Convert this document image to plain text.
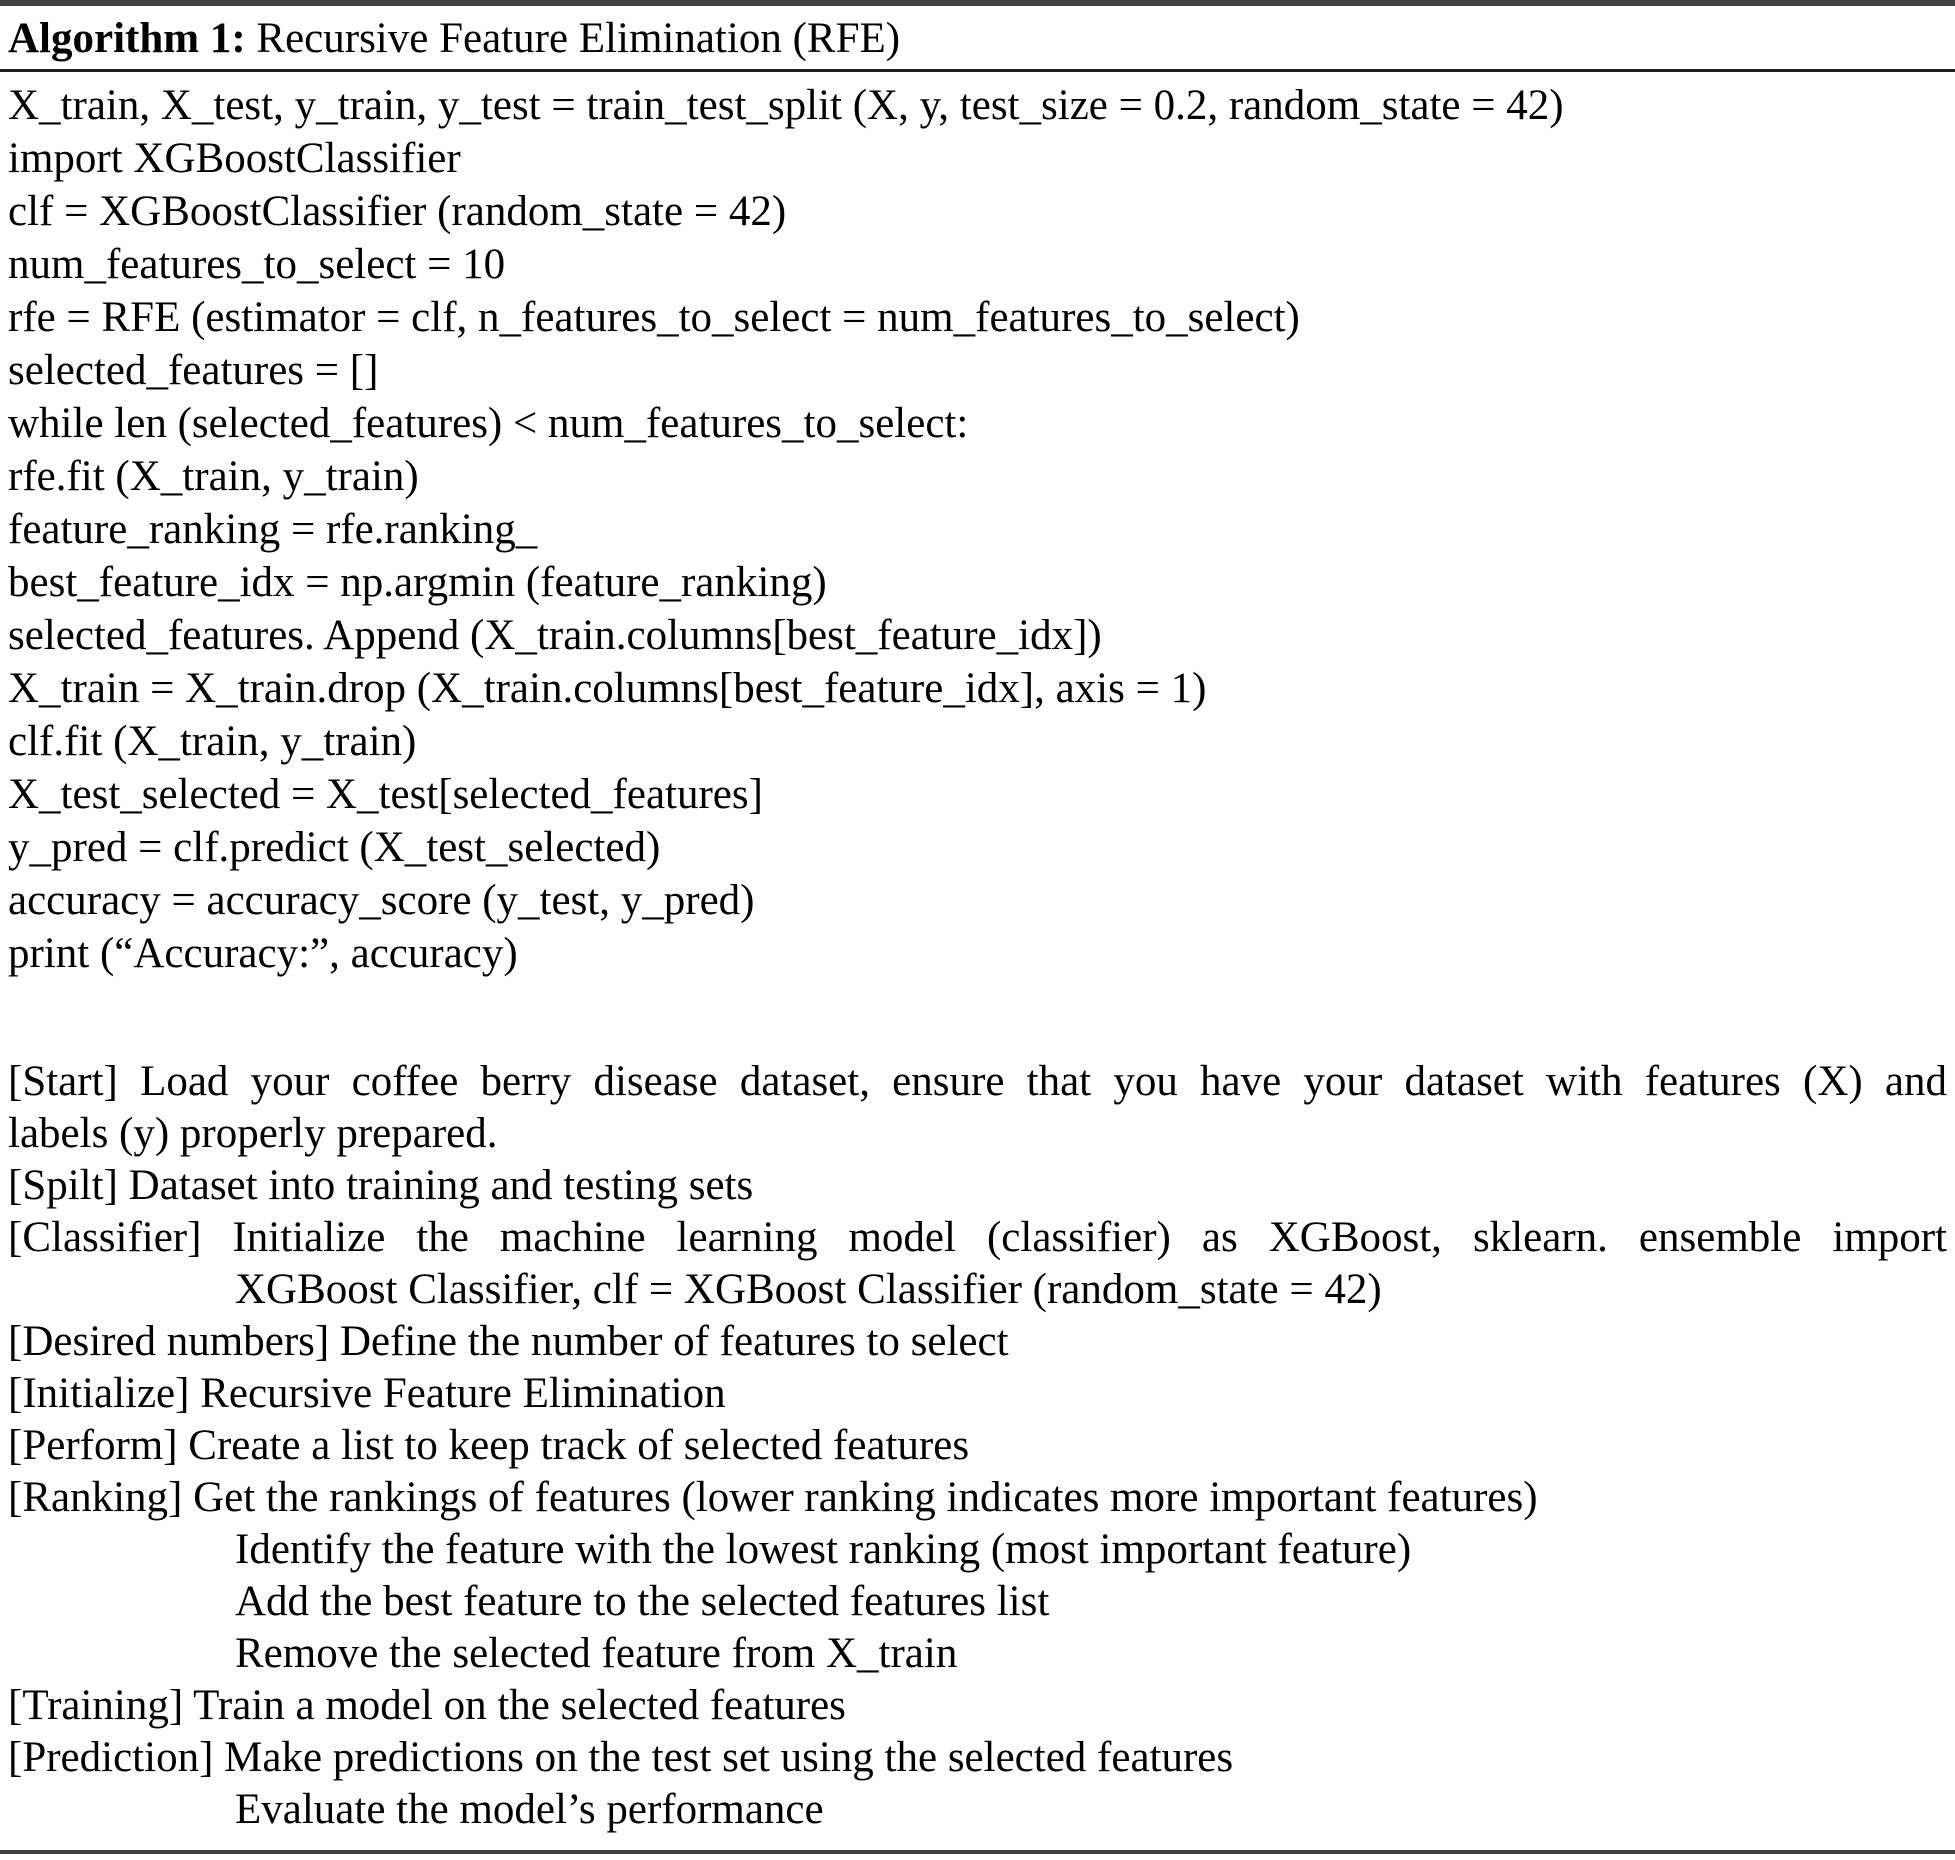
Algorithm 1: Recursive Feature Elimination (RFE)
X_train, X_test, y_train, y_test = train_test_split (X, y, test_size = 0.2, random_state = 42)
import XGBoostClassifier
clf = XGBoostClassifier (random_state = 42)
num_features_to_select = 10
rfe = RFE (estimator = clf, n_features_to_select = num_features_to_select)
selected_features = []
while len (selected_features) < num_features_to_select:
rfe.fit (X_train, y_train)
feature_ranking = rfe.ranking_
best_feature_idx = np.argmin (feature_ranking)
selected_features. Append (X_train.columns[best_feature_idx])
X_train = X_train.drop (X_train.columns[best_feature_idx], axis = 1)
clf.fit (X_train, y_train)
X_test_selected = X_test[selected_features]
y_pred = clf.predict (X_test_selected)
accuracy = accuracy_score (y_test, y_pred)
print (“Accuracy:”, accuracy)
[Start] Load your coffee berry disease dataset, ensure that you have your dataset with features (X) and
labels (y) properly prepared.
[Spilt] Dataset into training and testing sets
[Classifier] Initialize the machine learning model (classifier) as XGBoost, sklearn. ensemble import
XGBoost Classifier, clf = XGBoost Classifier (random_state = 42)
[Desired numbers] Define the number of features to select
[Initialize] Recursive Feature Elimination
[Perform] Create a list to keep track of selected features
[Ranking] Get the rankings of features (lower ranking indicates more important features)
Identify the feature with the lowest ranking (most important feature)
Add the best feature to the selected features list
Remove the selected feature from X_train
[Training] Train a model on the selected features
[Prediction] Make predictions on the test set using the selected features
Evaluate the model’s performance
